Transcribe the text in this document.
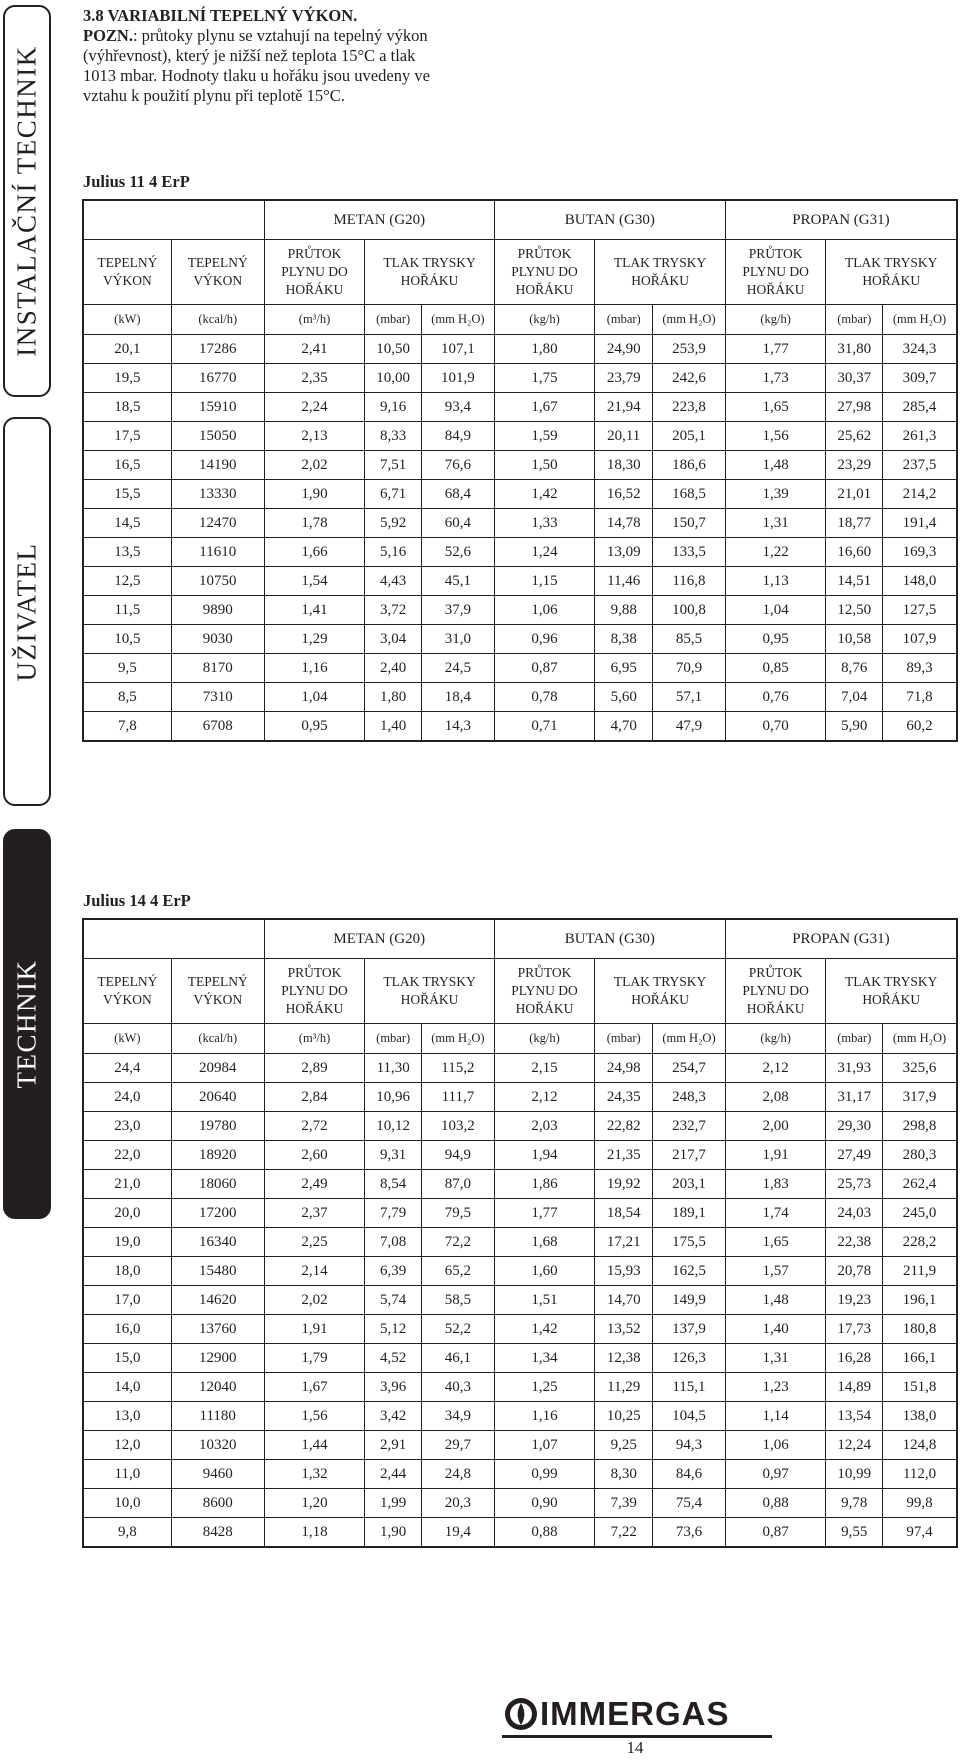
INSTALAČNÍ TECHNIK
UŽIVATEL
TECHNIK
3.8 VARIABILNÍ TEPELNÝ VÝKON.
POZN.: průtoky plynu se vztahují na tepelný výkon (výhřevnost), který je nižší než teplota 15°C a tlak 1013 mbar. Hodnoty tlaku u hořáku jsou uvedeny ve vztahu k použití plynu při teplotě 15°C.
Julius 11 4 ErP
		METAN (G20)			BUTAN (G30)			PROPAN (G31)		
TEPELNÝ VÝKON	TEPELNÝ VÝKON	PRŮTOK PLYNU DO HOŘÁKU	TLAK TRYSKY HOŘÁKU		PRŮTOK PLYNU DO HOŘÁKU	TLAK TRYSKY HOŘÁKU		PRŮTOK PLYNU DO HOŘÁKU	TLAK TRYSKY HOŘÁKU	
(kW)	(kcal/h)	(m³/h)	(mbar)	(mm H₂O)	(kg/h)	(mbar)	(mm H₂O)	(kg/h)	(mbar)	(mm H₂O)
20,1	17286	2,41	10,50	107,1	1,80	24,90	253,9	1,77	31,80	324,3
19,5	16770	2,35	10,00	101,9	1,75	23,79	242,6	1,73	30,37	309,7
18,5	15910	2,24	9,16	93,4	1,67	21,94	223,8	1,65	27,98	285,4
17,5	15050	2,13	8,33	84,9	1,59	20,11	205,1	1,56	25,62	261,3
16,5	14190	2,02	7,51	76,6	1,50	18,30	186,6	1,48	23,29	237,5
15,5	13330	1,90	6,71	68,4	1,42	16,52	168,5	1,39	21,01	214,2
14,5	12470	1,78	5,92	60,4	1,33	14,78	150,7	1,31	18,77	191,4
13,5	11610	1,66	5,16	52,6	1,24	13,09	133,5	1,22	16,60	169,3
12,5	10750	1,54	4,43	45,1	1,15	11,46	116,8	1,13	14,51	148,0
11,5	9890	1,41	3,72	37,9	1,06	9,88	100,8	1,04	12,50	127,5
10,5	9030	1,29	3,04	31,0	0,96	8,38	85,5	0,95	10,58	107,9
9,5	8170	1,16	2,40	24,5	0,87	6,95	70,9	0,85	8,76	89,3
8,5	7310	1,04	1,80	18,4	0,78	5,60	57,1	0,76	7,04	71,8
7,8	6708	0,95	1,40	14,3	0,71	4,70	47,9	0,70	5,90	60,2
Julius 14 4 ErP
		METAN (G20)			BUTAN (G30)			PROPAN (G31)		
TEPELNÝ VÝKON	TEPELNÝ VÝKON	PRŮTOK PLYNU DO HOŘÁKU	TLAK TRYSKY HOŘÁKU		PRŮTOK PLYNU DO HOŘÁKU	TLAK TRYSKY HOŘÁKU		PRŮTOK PLYNU DO HOŘÁKU	TLAK TRYSKY HOŘÁKU	
(kW)	(kcal/h)	(m³/h)	(mbar)	(mm H₂O)	(kg/h)	(mbar)	(mm H₂O)	(kg/h)	(mbar)	(mm H₂O)
24,4	20984	2,89	11,30	115,2	2,15	24,98	254,7	2,12	31,93	325,6
24,0	20640	2,84	10,96	111,7	2,12	24,35	248,3	2,08	31,17	317,9
23,0	19780	2,72	10,12	103,2	2,03	22,82	232,7	2,00	29,30	298,8
22,0	18920	2,60	9,31	94,9	1,94	21,35	217,7	1,91	27,49	280,3
21,0	18060	2,49	8,54	87,0	1,86	19,92	203,1	1,83	25,73	262,4
20,0	17200	2,37	7,79	79,5	1,77	18,54	189,1	1,74	24,03	245,0
19,0	16340	2,25	7,08	72,2	1,68	17,21	175,5	1,65	22,38	228,2
18,0	15480	2,14	6,39	65,2	1,60	15,93	162,5	1,57	20,78	211,9
17,0	14620	2,02	5,74	58,5	1,51	14,70	149,9	1,48	19,23	196,1
16,0	13760	1,91	5,12	52,2	1,42	13,52	137,9	1,40	17,73	180,8
15,0	12900	1,79	4,52	46,1	1,34	12,38	126,3	1,31	16,28	166,1
14,0	12040	1,67	3,96	40,3	1,25	11,29	115,1	1,23	14,89	151,8
13,0	11180	1,56	3,42	34,9	1,16	10,25	104,5	1,14	13,54	138,0
12,0	10320	1,44	2,91	29,7	1,07	9,25	94,3	1,06	12,24	124,8
11,0	9460	1,32	2,44	24,8	0,99	8,30	84,6	0,97	10,99	112,0
10,0	8600	1,20	1,99	20,3	0,90	7,39	75,4	0,88	9,78	99,8
9,8	8428	1,18	1,90	19,4	0,88	7,22	73,6	0,87	9,55	97,4
IMMERGAS
14
